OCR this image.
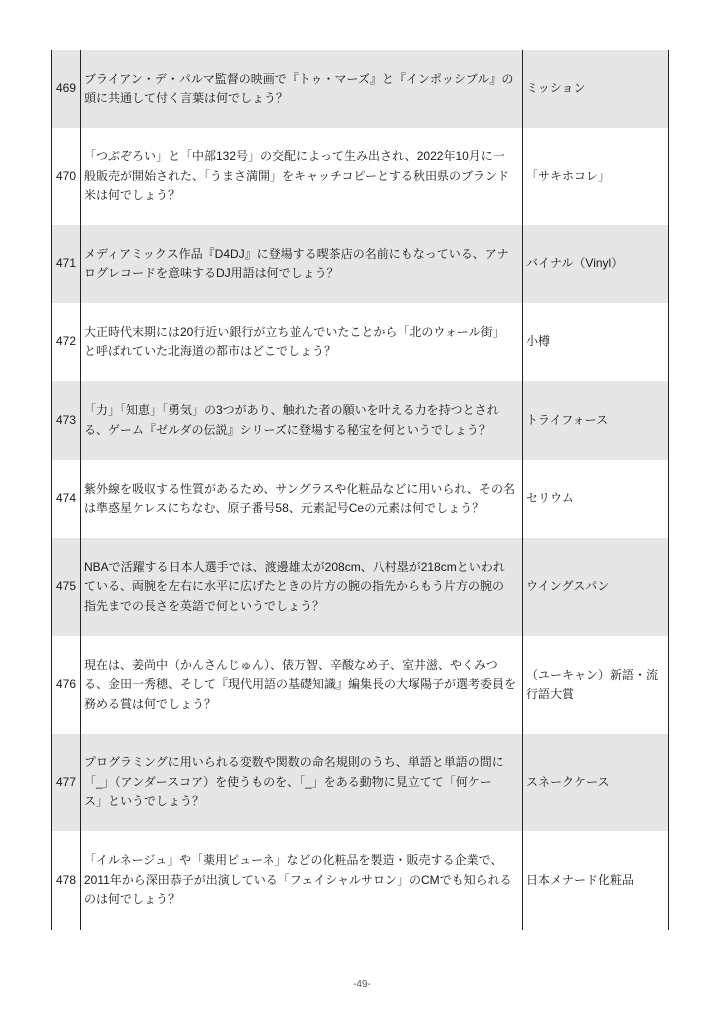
469
ブライアン・デ・パルマ監督の映画で『トゥ・マーズ』と『インポッシブル』の
頭に共通して付く言葉は何でしょう？
ミッション
470
「つぶぞろい」と「中部132号」の交配によって生み出され、2022年10月に一
般販売が開始された、「うまさ満開」をキャッチコピーとする秋田県のブランド
米は何でしょう？
「サキホコレ」
471
メディアミックス作品『D4DJ』に登場する喫茶店の名前にもなっている、アナ
ログレコードを意味するDJ用語は何でしょう？
バイナル（Vinyl）
472
大正時代末期には20行近い銀行が立ち並んでいたことから「北のウォール街」
と呼ばれていた北海道の都市はどこでしょう？
小樽
473
「力」「知恵」「勇気」の3つがあり、触れた者の願いを叶える力を持つとされ
る、ゲーム『ゼルダの伝説』シリーズに登場する秘宝を何というでしょう？
トライフォース
474
紫外線を吸収する性質があるため、サングラスや化粧品などに用いられ、その名
は準惑星ケレスにちなむ、原子番号58、元素記号Ceの元素は何でしょう？
セリウム
475
NBAで活躍する日本人選手では、渡邊雄太が208cm、八村塁が218cmといわれ
ている、両腕を左右に水平に広げたときの片方の腕の指先からもう片方の腕の
指先までの長さを英語で何というでしょう？
ウイングスパン
476
現在は、姜尚中（かんさんじゅん）、俵万智、辛酸なめ子、室井滋、やくみつ
る、金田一秀穂、そして『現代用語の基礎知識』編集長の大塚陽子が選考委員を
務める賞は何でしょう？
（ユーキャン）新語・流行語大賞
477
プログラミングに用いられる変数や関数の命名規則のうち、単語と単語の間に
「_」（アンダースコア）を使うものを、「_」をある動物に見立てて「何ケー
ス」というでしょう？
スネークケース
478
「イルネージュ」や「薬用ピューネ」などの化粧品を製造・販売する企業で、
2011年から深田恭子が出演している「フェイシャルサロン」のCMでも知られる
のは何でしょう？
日本メナード化粧品
-49-
